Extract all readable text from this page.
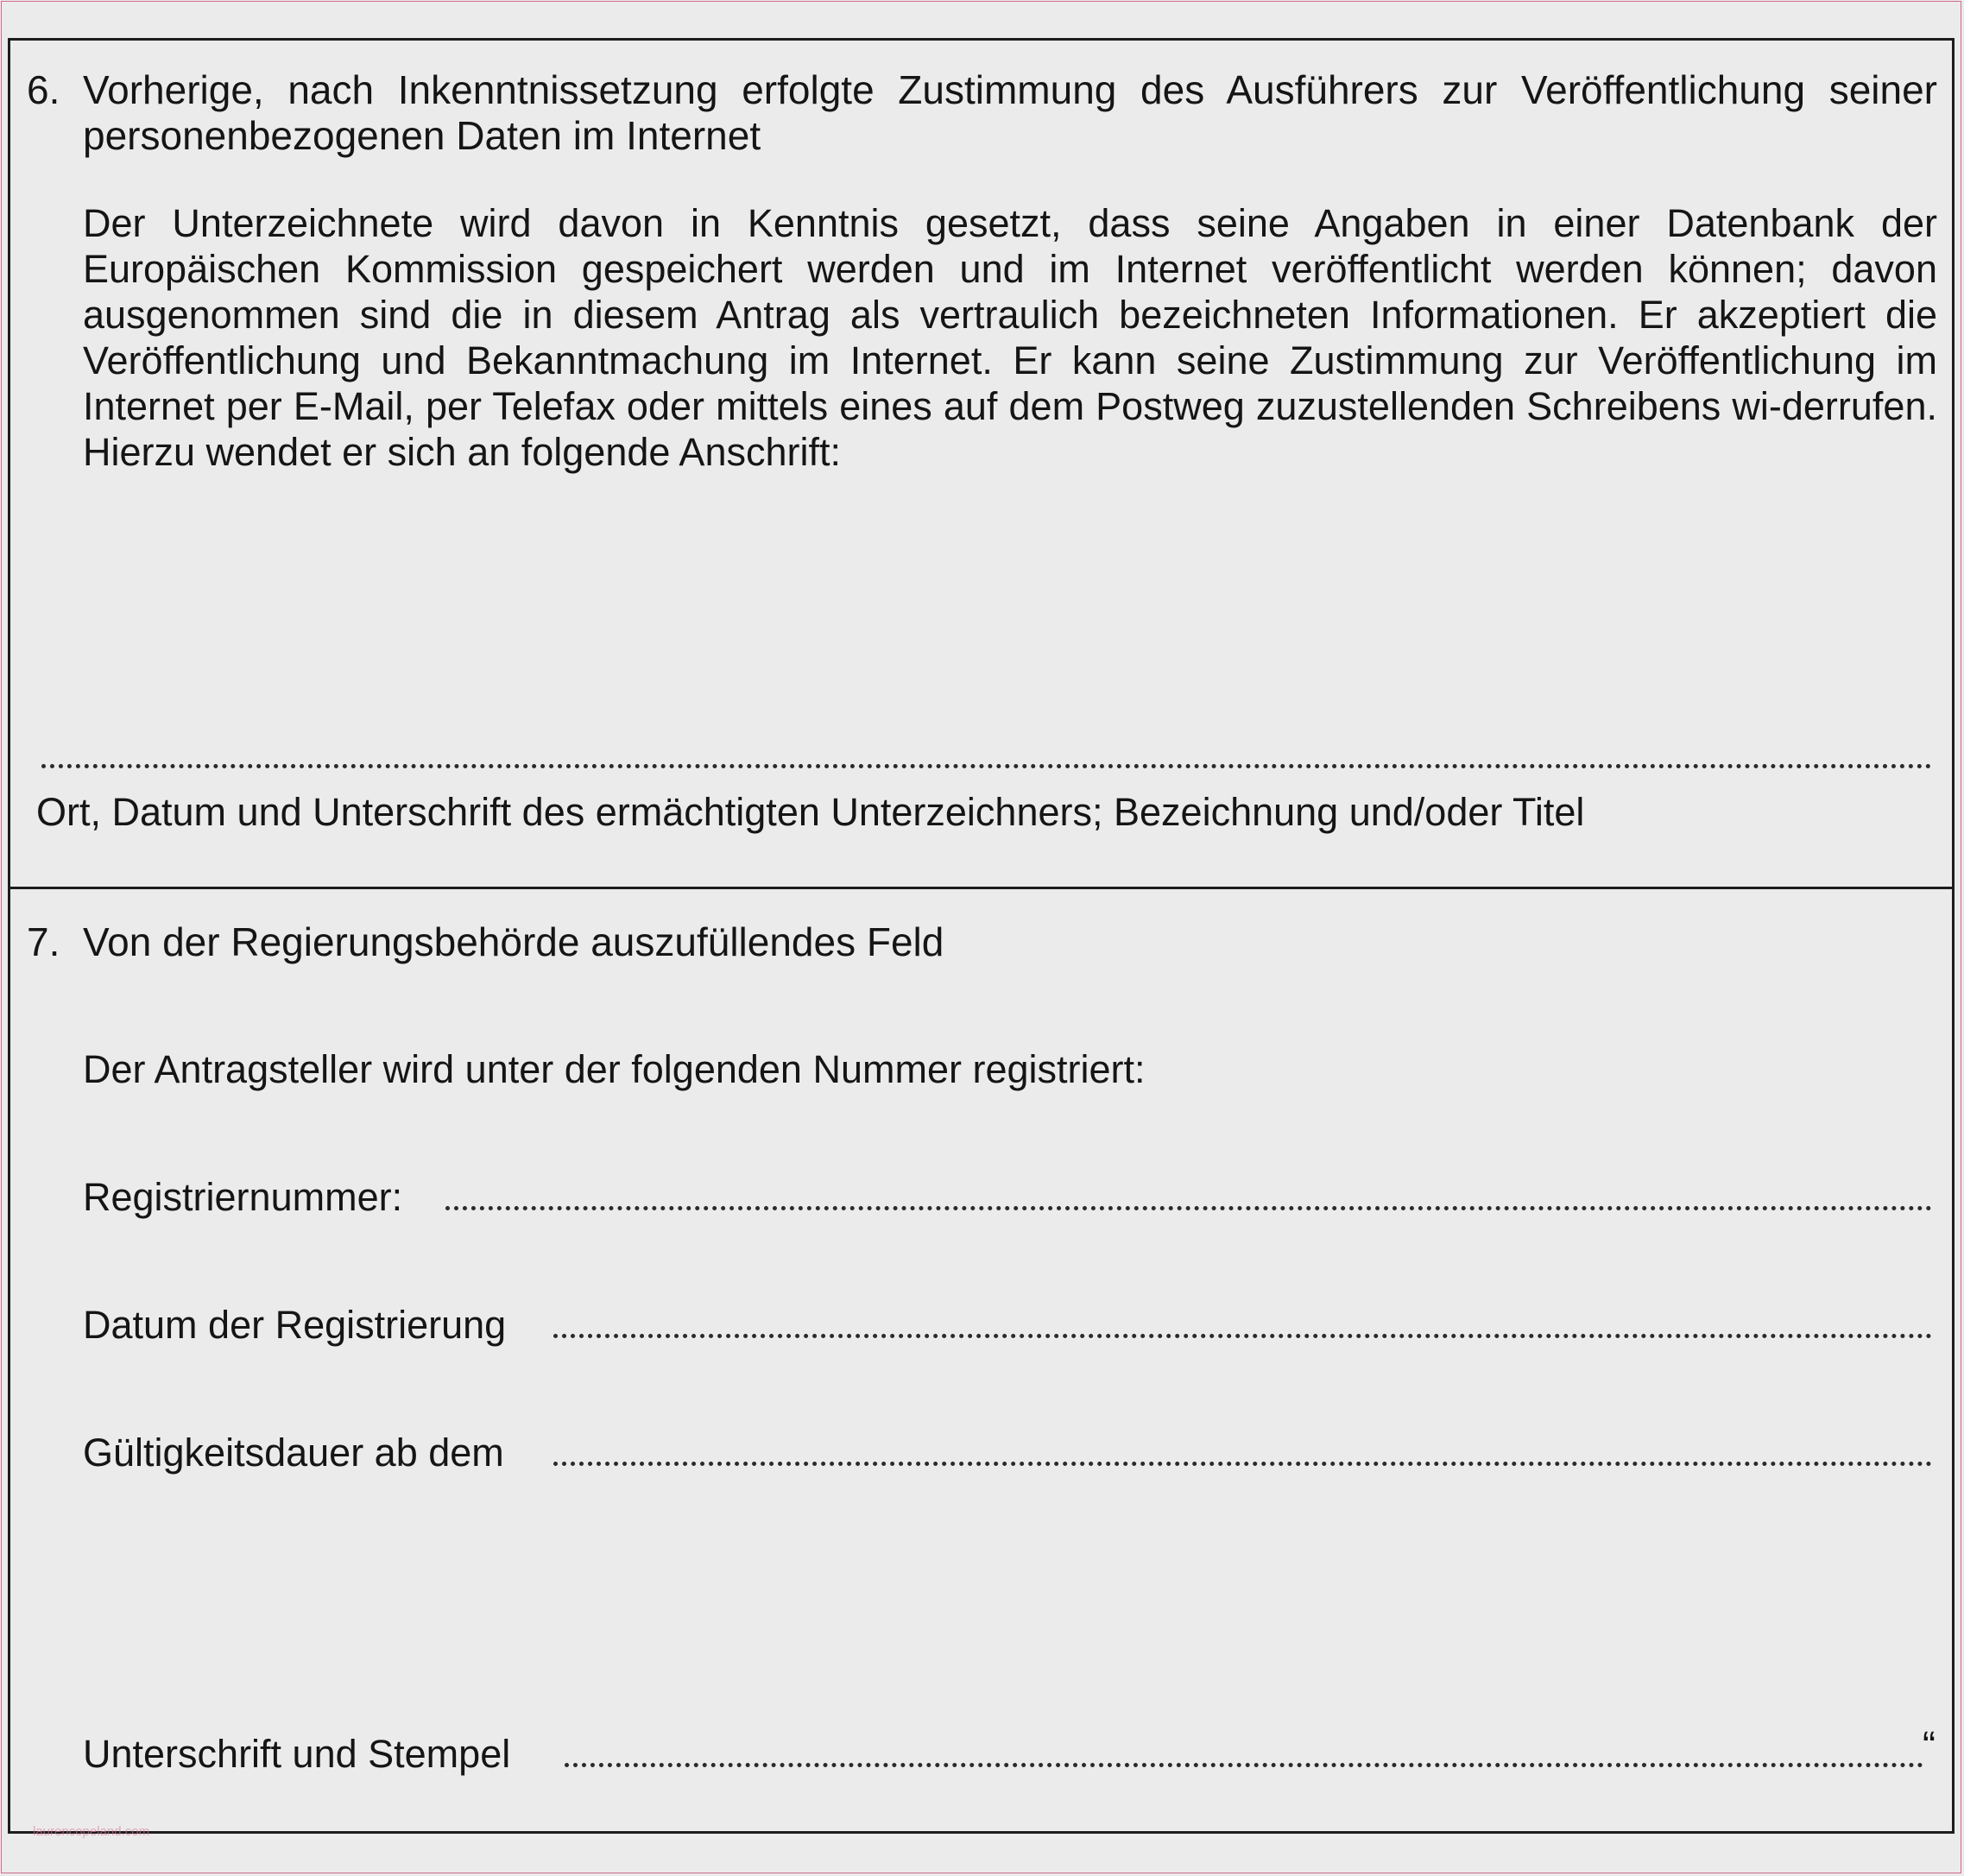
6. Vorherige, nach Inkenntnissetzung erfolgte Zustimmung des Ausführers zur Veröffentlichung seiner personenbezogenen Daten im Internet
Der Unterzeichnete wird davon in Kenntnis gesetzt, dass seine Angaben in einer Datenbank der Europäischen Kommission gespeichert werden und im Internet veröffentlicht werden können; davon ausgenommen sind die in diesem Antrag als vertraulich bezeichneten Informationen. Er akzeptiert die Veröffentlichung und Bekanntmachung im Internet. Er kann seine Zustimmung zur Veröffentlichung im Internet per E-Mail, per Telefax oder mittels eines auf dem Postweg zuzustellenden Schreibens wi-derrufen. Hierzu wendet er sich an folgende Anschrift:
Ort, Datum und Unterschrift des ermächtigten Unterzeichners; Bezeichnung und/oder Titel
7. Von der Regierungsbehörde auszufüllendes Feld
Der Antragsteller wird unter der folgenden Nummer registriert:
Registriernummer:
Datum der Registrierung
Gültigkeitsdauer ab dem
Unterschrift und Stempel	“
laurencopeland.com
